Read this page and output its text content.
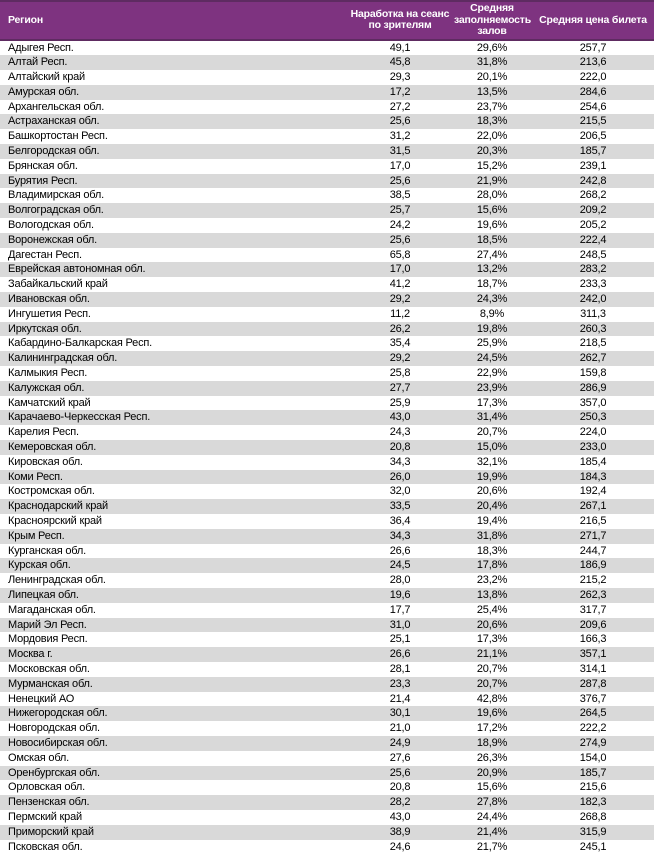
Регион	Наработка на сеанс по зрителям	Средняя заполняемость залов	Средняя цена билета
Адыгея Респ.	49,1	29,6%	257,7
Алтай Респ.	45,8	31,8%	213,6
Алтайский край	29,3	20,1%	222,0
Амурская обл.	17,2	13,5%	284,6
Архангельская обл.	27,2	23,7%	254,6
Астраханская обл.	25,6	18,3%	215,5
Башкортостан Респ.	31,2	22,0%	206,5
Белгородская обл.	31,5	20,3%	185,7
Брянская обл.	17,0	15,2%	239,1
Бурятия Респ.	25,6	21,9%	242,8
Владимирская обл.	38,5	28,0%	268,2
Волгоградская обл.	25,7	15,6%	209,2
Вологодская обл.	24,2	19,6%	205,2
Воронежская обл.	25,6	18,5%	222,4
Дагестан Респ.	65,8	27,4%	248,5
Еврейская автономная обл.	17,0	13,2%	283,2
Забайкальский край	41,2	18,7%	233,3
Ивановская обл.	29,2	24,3%	242,0
Ингушетия Респ.	11,2	8,9%	311,3
Иркутская обл.	26,2	19,8%	260,3
Кабардино-Балкарская Респ.	35,4	25,9%	218,5
Калининградская обл.	29,2	24,5%	262,7
Калмыкия Респ.	25,8	22,9%	159,8
Калужская обл.	27,7	23,9%	286,9
Камчатский край	25,9	17,3%	357,0
Карачаево-Черкесская Респ.	43,0	31,4%	250,3
Карелия Респ.	24,3	20,7%	224,0
Кемеровская обл.	20,8	15,0%	233,0
Кировская обл.	34,3	32,1%	185,4
Коми Респ.	26,0	19,9%	184,3
Костромская обл.	32,0	20,6%	192,4
Краснодарский край	33,5	20,4%	267,1
Красноярский край	36,4	19,4%	216,5
Крым Респ.	34,3	31,8%	271,7
Курганская обл.	26,6	18,3%	244,7
Курская обл.	24,5	17,8%	186,9
Ленинградская обл.	28,0	23,2%	215,2
Липецкая обл.	19,6	13,8%	262,3
Магаданская обл.	17,7	25,4%	317,7
Марий Эл Респ.	31,0	20,6%	209,6
Мордовия Респ.	25,1	17,3%	166,3
Москва г.	26,6	21,1%	357,1
Московская обл.	28,1	20,7%	314,1
Мурманская обл.	23,3	20,7%	287,8
Ненецкий АО	21,4	42,8%	376,7
Нижегородская обл.	30,1	19,6%	264,5
Новгородская обл.	21,0	17,2%	222,2
Новосибирская обл.	24,9	18,9%	274,9
Омская обл.	27,6	26,3%	154,0
Оренбургская обл.	25,6	20,9%	185,7
Орловская обл.	20,8	15,6%	215,6
Пензенская обл.	28,2	27,8%	182,3
Пермский край	43,0	24,4%	268,8
Приморский край	38,9	21,4%	315,9
Псковская обл.	24,6	21,7%	245,1
